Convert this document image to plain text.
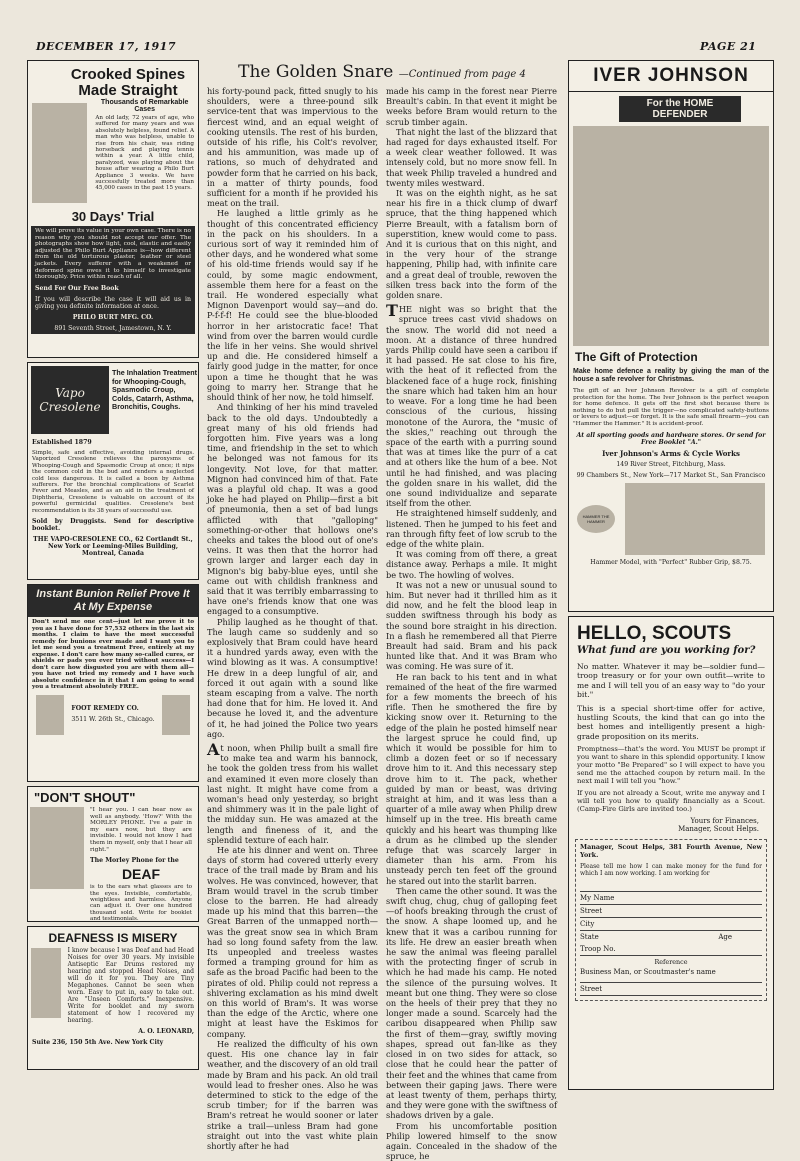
DECEMBER 17, 1917	PAGE 21
Crooked Spines Made Straight
Thousands of Remarkable Cases
An old lady, 72 years of age, who suffered for many years and was absolutely helpless, found relief. A man who was helpless, unable to rise from his chair, was riding horseback and playing tennis within a year. A little child, paralyzed, was playing about the house after wearing a Philo Burt Appliance 3 weeks. We have successfully treated more than 45,000 cases in the past 15 years.
30 Days' Trial
We will prove its value in your own case. There is no reason why you should not accept our offer. The photographs show how light, cool, elastic and easily adjusted the Philo Burt Appliance is—how different from the old torturous plaster, leather or steel jackets. Every sufferer with a weakened or deformed spine owes it to himself to investigate thoroughly. Price within reach of all.
Send For Our Free Book
If you will describe the case it will aid us in giving you definite information at once.
PHILO BURT MFG. CO.
891 Seventh Street, Jamestown, N. Y.
Vapo Cresolene
The Inhalation Treatment for Whooping-Cough, Spasmodic Croup, Colds, Catarrh, Asthma, Bronchitis, Coughs.
Established 1879
Simple, safe and effective, avoiding internal drugs. Vaporized Cresolene relieves the paroxysms of Whooping-Cough and Spasmodic Croup at once; it nips the common cold in the bud and renders a neglected cold less dangerous. It is called a boon by Asthma sufferers. For the bronchial complications of Scarlet Fever and Measles, and as an aid in the treatment of Diphtheria, Cresolene is valuable on account of its powerful germicidal qualities. Cresolene's best recommendation is its 38 years of successful use.
Sold by Druggists. Send for descriptive booklet.
THE VAPO-CRESOLENE CO., 62 Cortlandt St., New York or Leeming-Miles Building, Montreal, Canada
Instant Bunion Relief Prove It At My Expense
Don't send me one cent—just let me prove it to you as I have done for 57,532 others in the last six months. I claim to have the most successful remedy for bunions ever made and I want you to let me send you a treatment Free, entirely at my expense. I don't care how many so-called cures, or shields or pads you ever tried without success—I don't care how disgusted you are with them all—you have not tried my remedy and I have such absolute confidence in it that I am going to send you a treatment absolutely FREE.
FOOT REMEDY CO.
3511 W. 26th St., Chicago.
"DON'T SHOUT"
"I hear you. I can hear now as well as anybody. 'How?' With the MORLEY PHONE. I've a pair in my ears now, but they are invisible. I would not know I had them in myself, only that I hear all right."
The Morley Phone for the
DEAF
is to the ears what glasses are to the eyes. Invisible, comfortable, weightless and harmless. Anyone can adjust it. Over one hundred thousand sold. Write for booklet and testimonials.
DEAFNESS IS MISERY
I know because I was Deaf and had Head Noises for over 30 years. My invisible Antiseptic Ear Drums restored my hearing and stopped Head Noises, and will do it for you. They are Tiny Megaphones. Cannot be seen when worn. Easy to put in, easy to take out. Are "Unseen Comforts." Inexpensive. Write for booklet and my sworn statement of how I recovered my hearing.
A. O. LEONARD,
Suite 236, 150 5th Ave. New York City
The Golden Snare —Continued from page 4

his forty-pound pack, fitted snugly to his shoulders, were a three-pound silk service-tent that was impervious to the fiercest wind, and an equal weight of cooking utensils. The rest of his burden, outside of his rifle, his Colt's revolver, and his ammunition, was made up of rations, so much of dehydrated and powder form that he carried on his back, in a matter of thirty pounds, food sufficient for a month if he provided his meat on the trail.

He laughed a little grimly as he thought of this concentrated efficiency in the pack on his shoulders. In a curious sort of way it reminded him of other days, and he wondered what some of his old-time friends would say if he could, by some magic endowment, assemble them here for a feast on the trail. He wondered especially what Mignon Davenport would say—and do. P-f-f-f! He could see the blue-blooded horror in her aristocratic face! That wind from over the barren would curdle the life in her veins. She would shrivel up and die. He considered himself a fairly good judge in the matter, for once upon a time he thought that he was going to marry her. Strange that he should think of her now, he told himself.

And thinking of her his mind traveled back to the old days. Undoubtedly a great many of his old friends had forgotten him. Five years was a long time, and friendship in the set to which he belonged was not famous for its longevity. Not love, for that matter. Mignon had convinced him of that. Fate was a playful old chap. It was a good joke he had played on Philip—first a bit of pneumonia, then a set of bad lungs afflicted with that "galloping" something-or-other that hollows one's cheeks and takes the blood out of one's veins. It was then that the horror had grown larger and larger each day in Mignon's big baby-blue eyes, until she came out with childish frankness and said that it was terribly embarrassing to have one's friends know that one was engaged to a consumptive.

Philip laughed as he thought of that. The laugh came so suddenly and so explosively that Bram could have heard it a hundred yards away, even with the wind blowing as it was. A consumptive! He drew in a deep lungful of air, and forced it out again with a sound like steam escaping from a valve. The north had done that for him. He loved it. And because he loved it, and the adventure of it, he had joined the Police two years ago.

At noon, when Philip built a small fire to make tea and warm his bannock, he took the golden tress from his wallet and examined it even more closely than last night. It might have come from a woman's head only yesterday, so bright and shimmery was it in the pale light of the midday sun. He was amazed at the length and fineness of it, and the splendid texture of each hair.

He ate his dinner and went on. Three days of storm had covered utterly every trace of the trail made by Bram and his wolves. He was convinced, however, that Bram would travel in the scrub timber close to the barren. He had already made up his mind that this barren—the Great Barren of the unmapped north—was the great snow sea in which Bram had so long found safety from the law. Its unpeopled and treeless wastes formed a tramping ground for him as safe as the broad Pacific had been to the pirates of old. Philip could not repress a shivering exclamation as his mind dwelt on this world of Bram's. It was worse than the edge of the Arctic, where one might at least have the Eskimos for company.

He realized the difficulty of his own quest. His one chance lay in fair weather, and the discovery of an old trail made by Bram and his pack. An old trail would lead to fresher ones. Also he was determined to stick to the edge of the scrub timber; for if the barren was Bram's retreat he would sooner or later strike a trail—unless Bram had gone straight out into the vast white plain shortly after he had

made his camp in the forest near Pierre Breault's cabin. In that event it might be weeks before Bram would return to the scrub timber again.

That night the last of the blizzard that had raged for days exhausted itself. For a week clear weather followed. It was intensely cold, but no more snow fell. In that week Philip traveled a hundred and twenty miles westward.

It was on the eighth night, as he sat near his fire in a thick clump of dwarf spruce, that the thing happened which Pierre Breault, with a fatalism born of superstition, knew would come to pass. And it is curious that on this night, and in the very hour of the strange happening, Philip had, with infinite care and a great deal of trouble, rewoven the silken tress back into the form of the golden snare.

THE night was so bright that the spruce trees cast vivid shadows on the snow. The world did not need a moon. At a distance of three hundred yards Philip could have seen a caribou if it had passed. He sat close to his fire, with the heat of it reflected from the blackened face of a huge rock, finishing the snare which had taken him an hour to weave. For a long time he had been conscious of the curious, hissing monotone of the Aurora, the "music of the skies," reaching out through the space of the earth with a purring sound that was at times like the purr of a cat and at others like the hum of a bee. Not until he had finished, and was placing the golden snare in his wallet, did the one sound individualize and separate itself from the other.

He straightened himself suddenly, and listened. Then he jumped to his feet and ran through fifty feet of low scrub to the edge of the white plain.

It was coming from off there, a great distance away. Perhaps a mile. It might be two. The howling of wolves.

It was not a new or unusual sound to him. But never had it thrilled him as it did now, and he felt the blood leap in sudden swiftness through his body as the sound bore straight in his direction. In a flash he remembered all that Pierre Breault had said. Bram and his pack hunted like that. And it was Bram who was coming. He was sure of it.

He ran back to his tent and in what remained of the heat of the fire warmed for a few moments the breech of his rifle. Then he smothered the fire by kicking snow over it. Returning to the edge of the plain he posted himself near the largest spruce he could find, up which it would be possible for him to climb a dozen feet or so if necessary drove him to it. And this necessary step drove him to it. The pack, whether guided by man or beast, was driving straight at him, and it was less than a quarter of a mile away when Philip drew himself up in the tree. His breath came quickly and his heart was thumping like a drum as he climbed up the slender refuge that was scarcely larger in diameter than his arm. From his unsteady perch ten feet off the ground he stared out into the starlit barren.

Then came the other sound. It was the swift chug, chug, chug of galloping feet—of hoofs breaking through the crust of the snow. A shape loomed up, and he knew that it was a caribou running for its life. He drew an easier breath when he saw the animal was fleeing parallel with the protecting finger of scrub in which he had made his camp. He noted the silence of the pursuing wolves. It meant but one thing. They were so close on the heels of their prey that they no longer made a sound. Scarcely had the caribou disappeared when Philip saw the first of them—gray, swiftly moving shapes, spread out fan-like as they closed in on two sides for attack, so close that he could hear the patter of their feet and the whines that came from between their gaping jaws. There were at least twenty of them, perhaps thirty, and they were gone with the swiftness of shadows driven by a gale.

From his uncomfortable position Philip lowered himself to the snow again. Concealed in the shadow of the spruce, he

IVER JOHNSON
For the HOME DEFENDER
The Gift of Protection
Make home defence a reality by giving the man of the house a safe revolver for Christmas.
The gift of an Iver Johnson Revolver is a gift of complete protection for the home. The Iver Johnson is the perfect weapon for home defence. It gets off the first shot because there is nothing to do but pull the trigger—no complicated safety-buttons or levers to adjust—or forget. It is the safe small firearm—you can "Hammer the Hammer." It is accident-proof.
At all sporting goods and hardware stores. Or send for Free Booklet "A."
Iver Johnson's Arms & Cycle Works
149 River Street, Fitchburg, Mass.
99 Chambers St., New York—717 Market St., San Francisco
HAMMER THE HAMMER
Hammer Model, with "Perfect" Rubber Grip, $8.75.
HELLO, SCOUTS
What fund are you working for?
No matter. Whatever it may be—soldier fund—troop treasury or for your own outfit—write to me and I will tell you of an easy way to "do your bit."
This is a special short-time offer for active, hustling Scouts, the kind that can go into the best homes and intelligently present a high-grade proposition on its merits.
Promptness—that's the word. You MUST be prompt if you want to share in this splendid opportunity. I know your motto "Be Prepared" so I will expect to have you send me the attached coupon by return mail. In the next mail I will tell you "how."
If you are not already a Scout, write me anyway and I will tell you how to qualify financially as a Scout. (Camp-Fire Girls are invited too.)
Yours for Finances,
Manager, Scout Helps.
Manager, Scout Helps, 381 Fourth Avenue, New York.
Please tell me how I can make money for the fund for which I am now working. I am working for
My Name
Street
City
State	Age
Troop No.
Reference
Business Man, or Scoutmaster's name
Street
